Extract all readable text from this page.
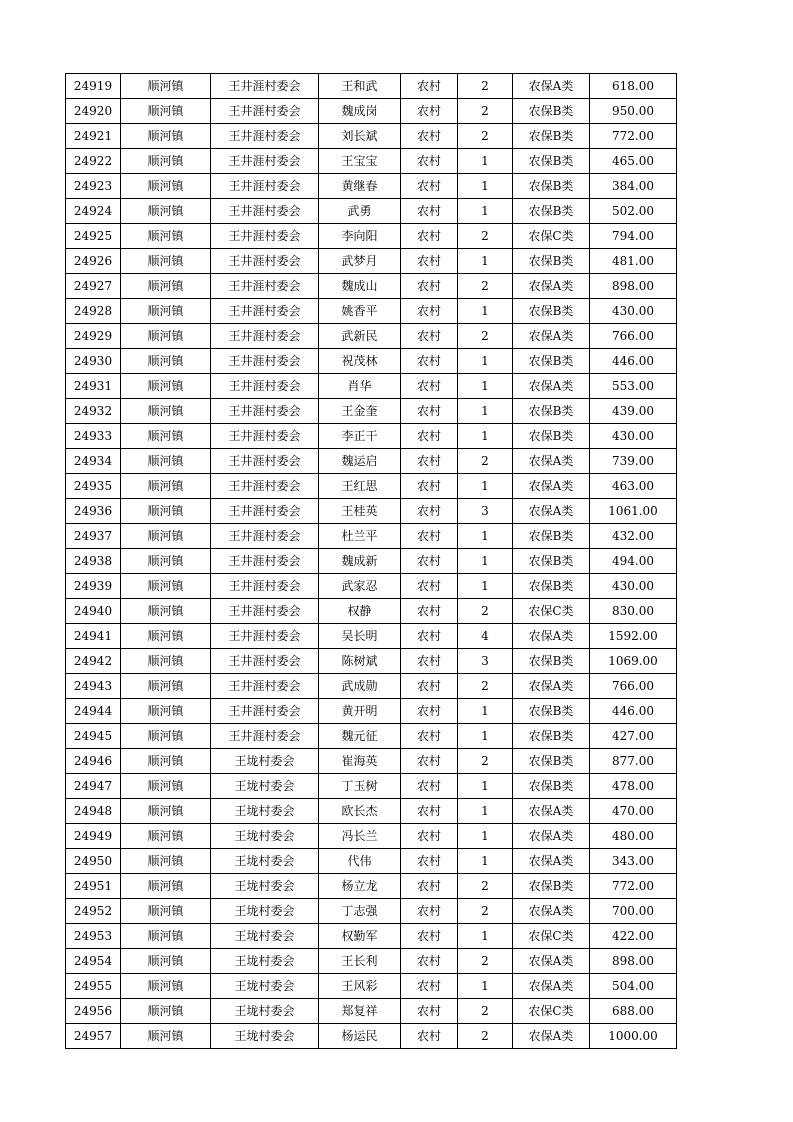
24919	顺河镇	王井涯村委会	王和武	农村	2	农保A类	618.00
24920	顺河镇	王井涯村委会	魏成岗	农村	2	农保B类	950.00
24921	顺河镇	王井涯村委会	刘长斌	农村	2	农保B类	772.00
24922	顺河镇	王井涯村委会	王宝宝	农村	1	农保B类	465.00
24923	顺河镇	王井涯村委会	黄继春	农村	1	农保B类	384.00
24924	顺河镇	王井涯村委会	武勇	农村	1	农保B类	502.00
24925	顺河镇	王井涯村委会	李向阳	农村	2	农保C类	794.00
24926	顺河镇	王井涯村委会	武梦月	农村	1	农保B类	481.00
24927	顺河镇	王井涯村委会	魏成山	农村	2	农保A类	898.00
24928	顺河镇	王井涯村委会	姚香平	农村	1	农保B类	430.00
24929	顺河镇	王井涯村委会	武新民	农村	2	农保A类	766.00
24930	顺河镇	王井涯村委会	祝茂林	农村	1	农保B类	446.00
24931	顺河镇	王井涯村委会	肖华	农村	1	农保A类	553.00
24932	顺河镇	王井涯村委会	王金奎	农村	1	农保B类	439.00
24933	顺河镇	王井涯村委会	李正干	农村	1	农保B类	430.00
24934	顺河镇	王井涯村委会	魏运启	农村	2	农保A类	739.00
24935	顺河镇	王井涯村委会	王红思	农村	1	农保A类	463.00
24936	顺河镇	王井涯村委会	王桂英	农村	3	农保A类	1061.00
24937	顺河镇	王井涯村委会	杜兰平	农村	1	农保B类	432.00
24938	顺河镇	王井涯村委会	魏成新	农村	1	农保B类	494.00
24939	顺河镇	王井涯村委会	武家忍	农村	1	农保B类	430.00
24940	顺河镇	王井涯村委会	权静	农村	2	农保C类	830.00
24941	顺河镇	王井涯村委会	吴长明	农村	4	农保A类	1592.00
24942	顺河镇	王井涯村委会	陈树斌	农村	3	农保B类	1069.00
24943	顺河镇	王井涯村委会	武成勋	农村	2	农保A类	766.00
24944	顺河镇	王井涯村委会	黄开明	农村	1	农保B类	446.00
24945	顺河镇	王井涯村委会	魏元征	农村	1	农保B类	427.00
24946	顺河镇	王垅村委会	崔海英	农村	2	农保B类	877.00
24947	顺河镇	王垅村委会	丁玉树	农村	1	农保B类	478.00
24948	顺河镇	王垅村委会	欧长杰	农村	1	农保A类	470.00
24949	顺河镇	王垅村委会	冯长兰	农村	1	农保A类	480.00
24950	顺河镇	王垅村委会	代伟	农村	1	农保A类	343.00
24951	顺河镇	王垅村委会	杨立龙	农村	2	农保B类	772.00
24952	顺河镇	王垅村委会	丁志强	农村	2	农保A类	700.00
24953	顺河镇	王垅村委会	权勤军	农村	1	农保C类	422.00
24954	顺河镇	王垅村委会	王长利	农村	2	农保A类	898.00
24955	顺河镇	王垅村委会	王风彩	农村	1	农保A类	504.00
24956	顺河镇	王垅村委会	郑复祥	农村	2	农保C类	688.00
24957	顺河镇	王垅村委会	杨运民	农村	2	农保A类	1000.00
